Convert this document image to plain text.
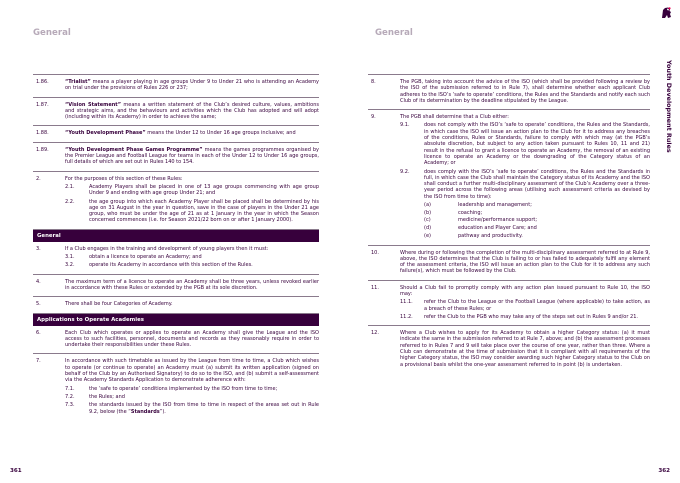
General
1.86.	“Trialist” means a player playing in age groups Under 9 to Under 21 who is attending an Academy on trial under the provisions of Rules 226 or 237;
1.87.	“Vision Statement” means a written statement of the Club’s desired culture, values, ambitions and strategic aims, and the behaviours and activities which the Club has adopted and will adopt (including within its Academy) in order to achieve the same;
1.88.	“Youth Development Phase” means the Under 12 to Under 16 age groups inclusive; and
1.89.	“Youth Development Phase Games Programme” means the games programmes organised by the Premier League and Football League for teams in each of the Under 12 to Under 16 age groups, full details of which are set out in Rules 140 to 154.
2.	For the purposes of this section of these Rules:
2.1.	Academy Players shall be placed in one of 13 age groups commencing with age group Under 9 and ending with age group Under 21; and
2.2.	the age group into which each Academy Player shall be placed shall be determined by his age on 31 August in the year in question, save in the case of players in the Under 21 age group, who must be under the age of 21 as at 1 January in the year in which the Season concerned commences (i.e. for Season 2021/22 born on or after 1 January 2000).
General
3.	If a Club engages in the training and development of young players then it must:
3.1.	obtain a licence to operate an Academy; and
3.2.	operate its Academy in accordance with this section of the Rules.
4.	The maximum term of a licence to operate an Academy shall be three years, unless revoked earlier in accordance with these Rules or extended by the PGB at its sole discretion.
5.	There shall be four Categories of Academy.
Applications to Operate Academies
6.	Each Club which operates or applies to operate an Academy shall give the League and the ISO access to such facilities, personnel, documents and records as they reasonably require in order to undertake their responsibilities under these Rules.
7.	In accordance with such timetable as issued by the League from time to time, a Club which wishes to operate (or continue to operate) an Academy must (a) submit its written application (signed on behalf of the Club by an Authorised Signatory) to do so to the ISO, and (b) submit a self-assessment via the Academy Standards Application to demonstrate adherence with:
7.1.	the ‘safe to operate’ conditions implemented by the ISO from time to time;
7.2.	the Rules; and
7.3.	the standards issued by the ISO from time to time in respect of the areas set out in Rule 9.2, below (the “Standards”).
361
General
8.	The PGB, taking into account the advice of the ISO (which shall be provided following a review by the ISO of the submission referred to in Rule 7), shall determine whether each applicant Club adheres to the ISO’s ‘safe to operate’ conditions, the Rules and the Standards and notify each such Club of its determination by the deadline stipulated by the League.
9.	The PGB shall determine that a Club either:
9.1.	does not comply with the ISO’s ‘safe to operate’ conditions, the Rules and the Standards, in which case the ISO will issue an action plan to the Club for it to address any breaches of the conditions, Rules or Standards, failure to comply with which may (at the PGB’s absolute discretion, but subject to any action taken pursuant to Rules 10, 11 and 21) result in the refusal to grant a licence to operate an Academy, the removal of an existing licence to operate an Academy or the downgrading of the Category status of an Academy; or
9.2.	does comply with the ISO’s ‘safe to operate’ conditions, the Rules and the Standards in full, in which case the Club shall maintain the Category status of its Academy and the ISO shall conduct a further multi-disciplinary assessment of the Club’s Academy over a three-year period across the following areas (utilising such assessment criteria as devised by the ISO from time to time):
(a)	leadership and management;
(b)	coaching;
(c)	medicine/performance support;
(d)	education and Player Care; and
(e)	pathway and productivity.
10.	Where during or following the completion of the multi-disciplinary assessment referred to at Rule 9, above, the ISO determines that the Club is failing to or has failed to adequately fulfil any element of the assessment criteria, the ISO will issue an action plan to the Club for it to address any such failure(s), which must be followed by the Club.
11.	Should a Club fail to promptly comply with any action plan issued pursuant to Rule 10, the ISO may:
11.1.	refer the Club to the League or the Football League (where applicable) to take action, as a breach of these Rules; or
11.2.	refer the Club to the PGB who may take any of the steps set out in Rules 9 and/or 21.
12.	Where a Club wishes to apply for its Academy to obtain a higher Category status: (a) it must indicate the same in the submission referred to at Rule 7, above; and (b) the assessment processes referred to in Rules 7 and 9 will take place over the course of one year, rather than three. Where a Club can demonstrate at the time of submission that it is compliant with all requirements of the higher Category status, the ISO may consider awarding such higher Category status to the Club on a provisional basis whilst the one-year assessment referred to in point (b) is undertaken.
362
Youth Development Rules
